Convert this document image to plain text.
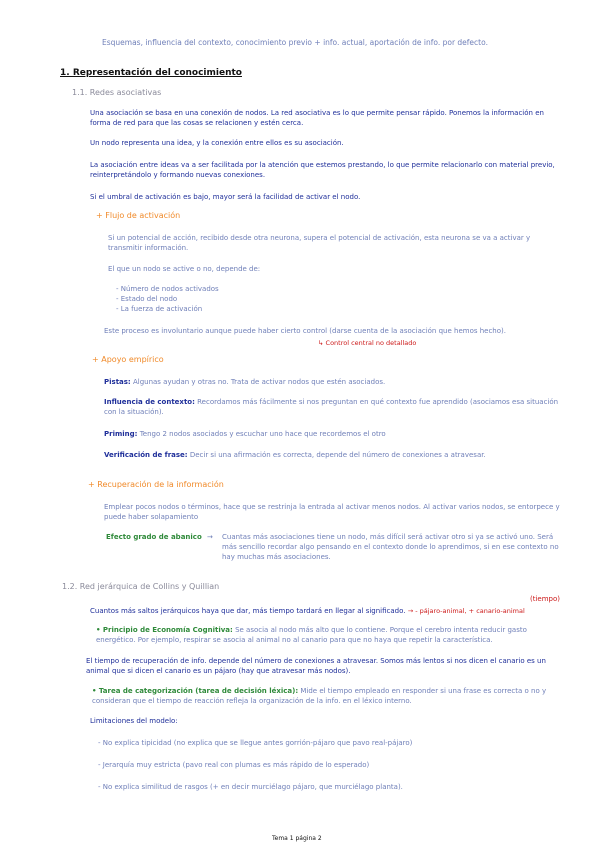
Esquemas, influencia del contexto, conocimiento previo + info. actual, aportación de info. por defecto.
1. Representación del conocimiento
1.1. Redes asociativas
Una asociación se basa en una conexión de nodos. La red asociativa es lo que permite pensar rápido. Ponemos la información en forma de red para que las cosas se relacionen y estén cerca.
Un nodo representa una idea, y la conexión entre ellos es su asociación.
La asociación entre ideas va a ser facilitada por la atención que estemos prestando, lo que permite relacionarlo con material previo, reinterpretándolo y formando nuevas conexiones.
Si el umbral de activación es bajo, mayor será la facilidad de activar el nodo.
+ Flujo de activación
Si un potencial de acción, recibido desde otra neurona, supera el potencial de activación, esta neurona se va a activar y transmitir información.
El que un nodo se active o no, depende de:
- Número de nodos activados
- Estado del nodo
- La fuerza de activación
Este proceso es involuntario aunque puede haber cierto control (darse cuenta de la asociación que hemos hecho).
↳ Control central no detallado
+ Apoyo empírico
Pistas: Algunas ayudan y otras no. Trata de activar nodos que estén asociados.
Influencia de contexto: Recordamos más fácilmente si nos preguntan en qué contexto fue aprendido (asociamos esa situación con la situación).
Priming: Tengo 2 nodos asociados y escuchar uno hace que recordemos el otro
Verificación de frase: Decir si una afirmación es correcta, depende del número de conexiones a atravesar.
+ Recuperación de la información
Emplear pocos nodos o términos, hace que se restrinja la entrada al activar menos nodos. Al activar varios nodos, se entorpece y puede haber solapamiento
Efecto grado de abanico → Cuantas más asociaciones tiene un nodo, más difícil será activar otro si ya se activó uno. Será más sencillo recordar algo pensando en el contexto donde lo aprendimos, si en ese contexto no hay muchas más asociaciones.
1.2. Red jerárquica de Collins y Quillian
(tiempo)
Cuantos más saltos jerárquicos haya que dar, más tiempo tardará en llegar al significado. → - pájaro-animal, + canario-animal
• Principio de Economía Cognitiva: Se asocia al nodo más alto que lo contiene. Porque el cerebro intenta reducir gasto energético. Por ejemplo, respirar se asocia al animal no al canario para que no haya que repetir la característica.
El tiempo de recuperación de info. depende del número de conexiones a atravesar. Somos más lentos si nos dicen el canario es un animal que si dicen el canario es un pájaro (hay que atravesar más nodos).
• Tarea de categorización (tarea de decisión léxica): Mide el tiempo empleado en responder si una frase es correcta o no y consideran que el tiempo de reacción refleja la organización de la info. en el léxico interno.
Limitaciones del modelo:
- No explica tipicidad (no explica que se llegue antes gorrión-pájaro que pavo real-pájaro)
- Jerarquía muy estricta (pavo real con plumas es más rápido de lo esperado)
- No explica similitud de rasgos (+ en decir murciélago pájaro, que murciélago planta).
Tema 1 página 2
